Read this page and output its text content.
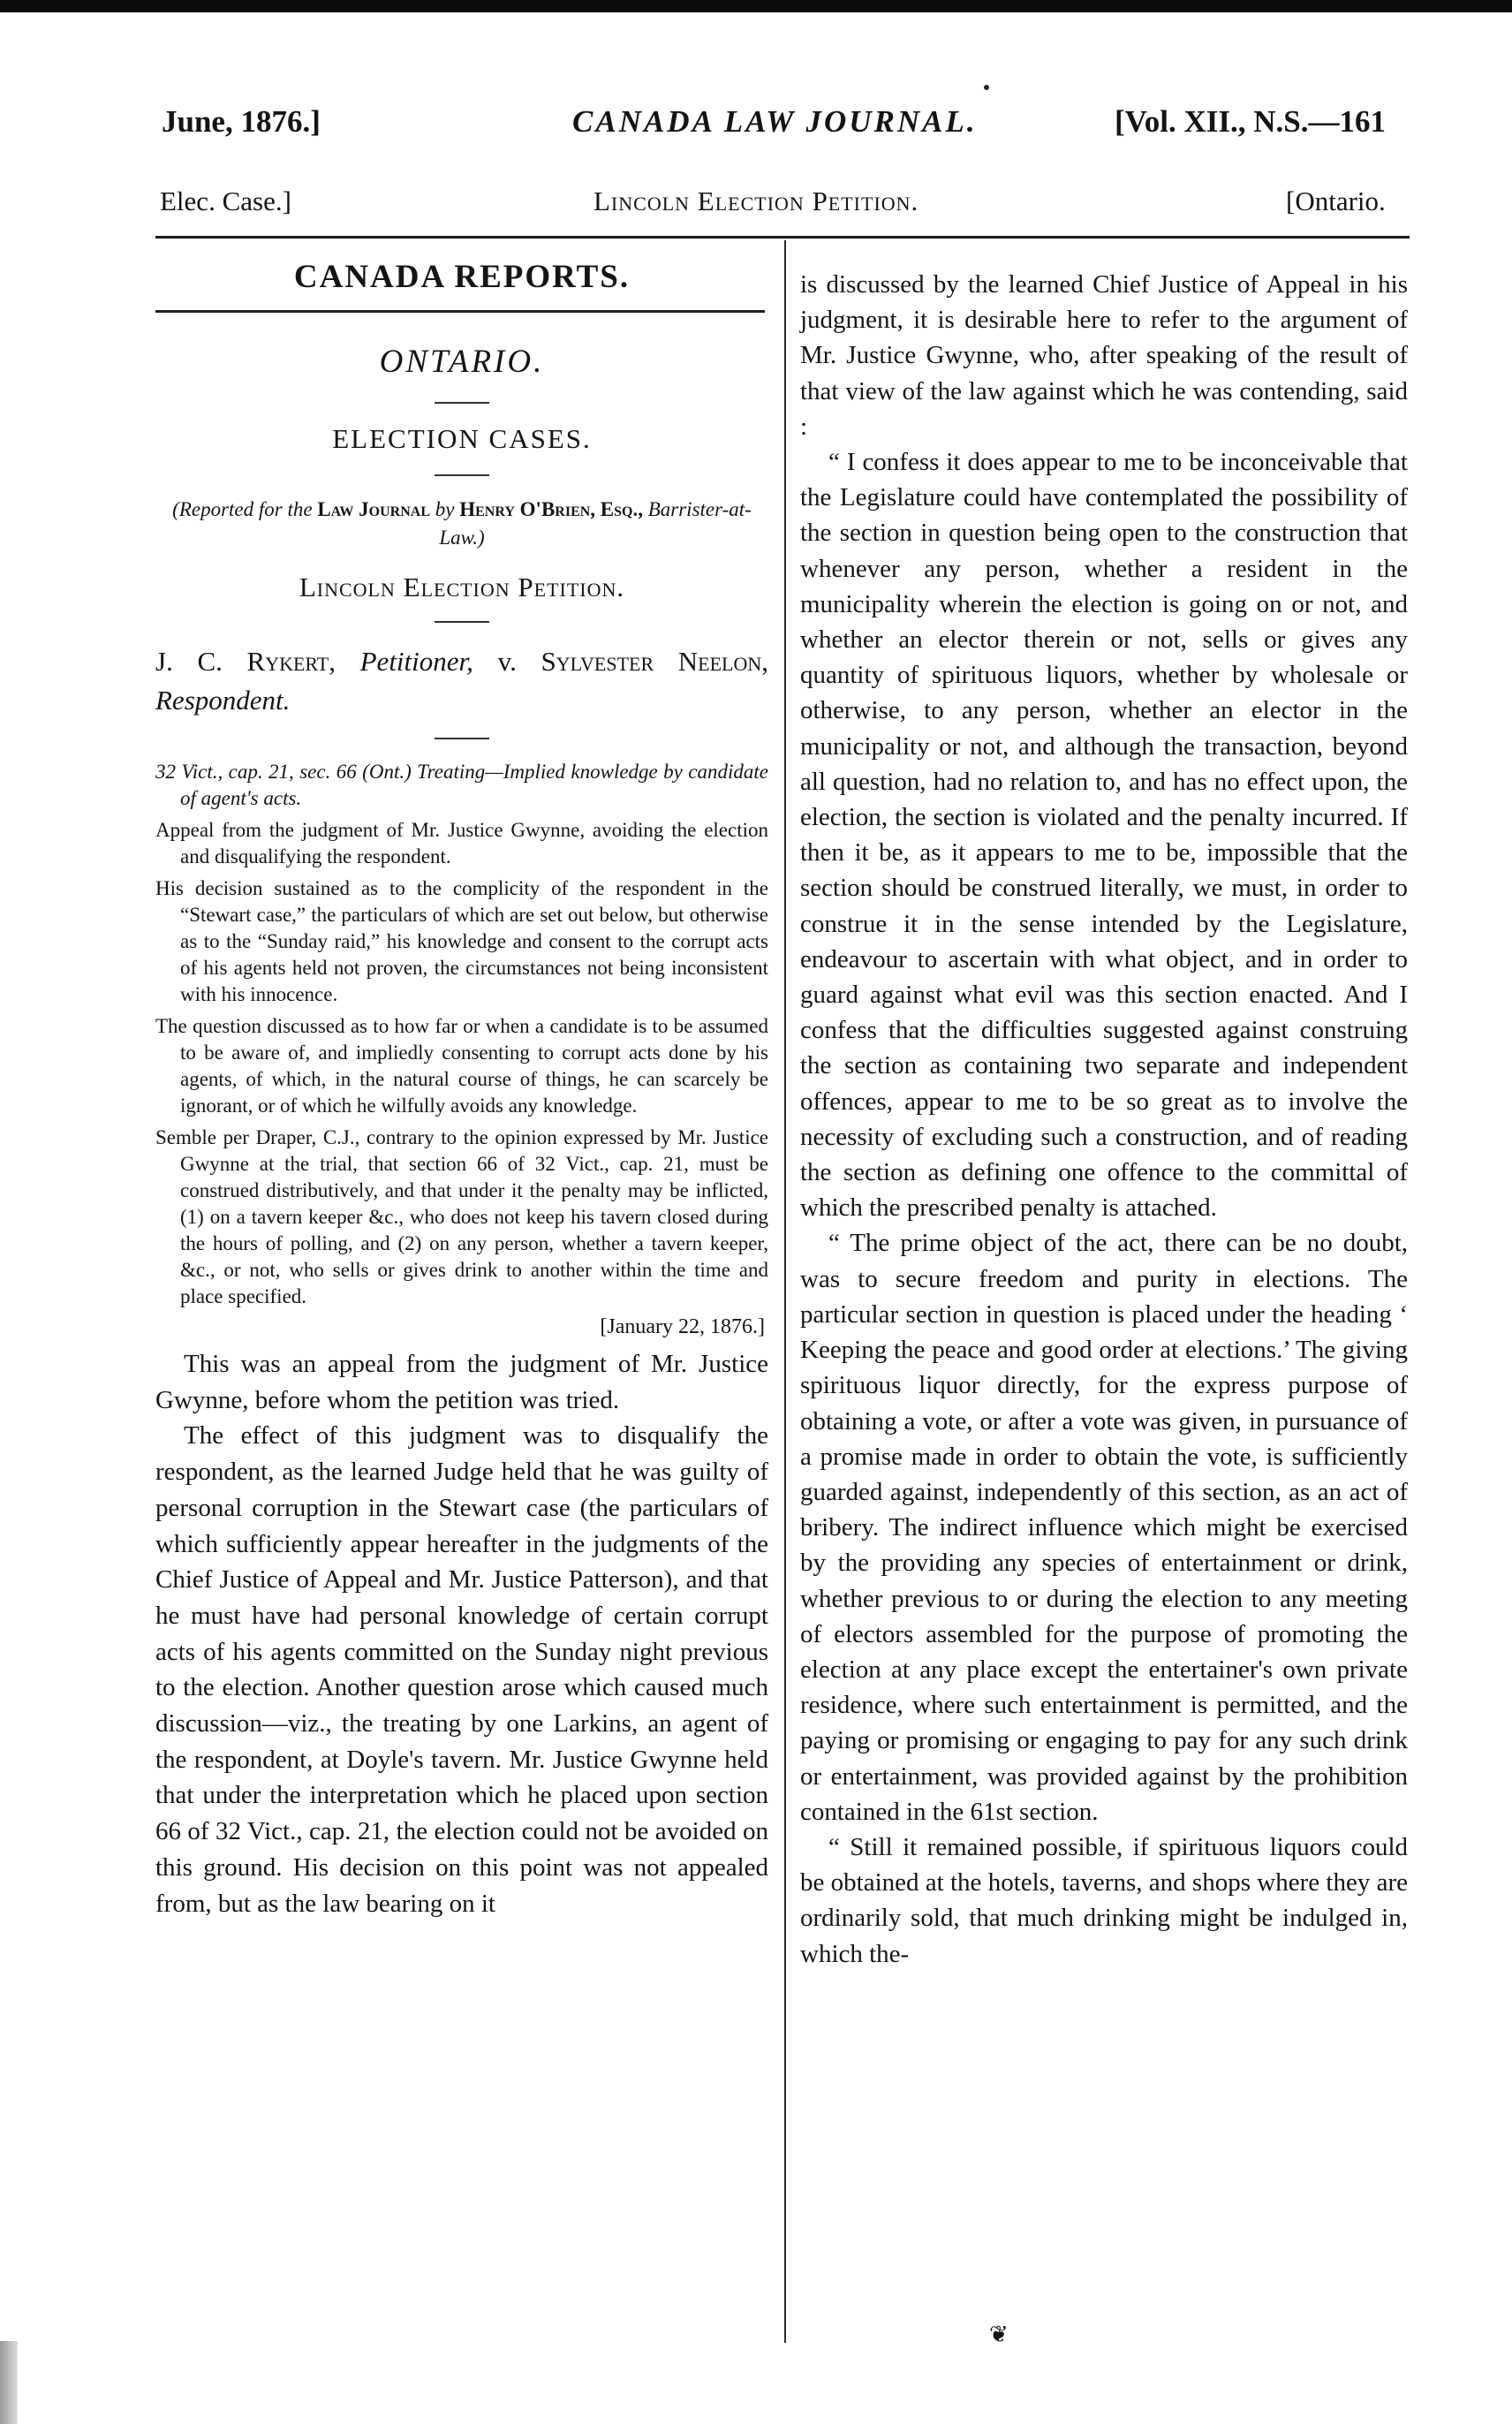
June, 1876.]	CANADA LAW JOURNAL.	[Vol. XII., N.S.—161
Elec. Case.]	Lincoln Election Petition.	[Ontario.
CANADA REPORTS.
ONTARIO.
ELECTION CASES.
(Reported for the Law Journal by Henry O'Brien, Esq., Barrister-at-Law.)
Lincoln Election Petition.
J. C. Rykert, Petitioner, v. Sylvester Neelon, Respondent.
32 Vict., cap. 21, sec. 66 (Ont.) Treating—Implied knowledge by candidate of agent's acts.
Appeal from the judgment of Mr. Justice Gwynne, avoiding the election and disqualifying the respondent.
His decision sustained as to the complicity of the respondent in the “Stewart case,” the particulars of which are set out below, but otherwise as to the “Sunday raid,” his knowledge and consent to the corrupt acts of his agents held not proven, the circumstances not being inconsistent with his innocence.
The question discussed as to how far or when a candidate is to be assumed to be aware of, and impliedly consenting to corrupt acts done by his agents, of which, in the natural course of things, he can scarcely be ignorant, or of which he wilfully avoids any knowledge.
Semble per Draper, C.J., contrary to the opinion expressed by Mr. Justice Gwynne at the trial, that section 66 of 32 Vict., cap. 21, must be construed distributively, and that under it the penalty may be inflicted, (1) on a tavern keeper &c., who does not keep his tavern closed during the hours of polling, and (2) on any person, whether a tavern keeper, &c., or not, who sells or gives drink to another within the time and place specified.
[January 22, 1876.]

This was an appeal from the judgment of Mr. Justice Gwynne, before whom the petition was tried.

The effect of this judgment was to disqualify the respondent, as the learned Judge held that he was guilty of personal corruption in the Stewart case (the particulars of which sufficiently appear hereafter in the judgments of the Chief Justice of Appeal and Mr. Justice Patterson), and that he must have had personal knowledge of certain corrupt acts of his agents committed on the Sunday night previous to the election. Another question arose which caused much discussion—viz., the treating by one Larkins, an agent of the respondent, at Doyle's tavern. Mr. Justice Gwynne held that under the interpretation which he placed upon section 66 of 32 Vict., cap. 21, the election could not be avoided on this ground. His decision on this point was not appealed from, but as the law bearing on it

is discussed by the learned Chief Justice of Appeal in his judgment, it is desirable here to refer to the argument of Mr. Justice Gwynne, who, after speaking of the result of that view of the law against which he was contending, said :

“ I confess it does appear to me to be inconceivable that the Legislature could have contemplated the possibility of the section in question being open to the construction that whenever any person, whether a resident in the municipality wherein the election is going on or not, and whether an elector therein or not, sells or gives any quantity of spirituous liquors, whether by wholesale or otherwise, to any person, whether an elector in the municipality or not, and although the transaction, beyond all question, had no relation to, and has no effect upon, the election, the section is violated and the penalty incurred. If then it be, as it appears to me to be, impossible that the section should be construed literally, we must, in order to construe it in the sense intended by the Legislature, endeavour to ascertain with what object, and in order to guard against what evil was this section enacted. And I confess that the difficulties suggested against construing the section as containing two separate and independent offences, appear to me to be so great as to involve the necessity of excluding such a construction, and of reading the section as defining one offence to the committal of which the prescribed penalty is attached.

“ The prime object of the act, there can be no doubt, was to secure freedom and purity in elections. The particular section in question is placed under the heading ‘ Keeping the peace and good order at elections.’ The giving spirituous liquor directly, for the express purpose of obtaining a vote, or after a vote was given, in pursuance of a promise made in order to obtain the vote, is sufficiently guarded against, independently of this section, as an act of bribery. The indirect influence which might be exercised by the providing any species of entertainment or drink, whether previous to or during the election to any meeting of electors assembled for the purpose of promoting the election at any place except the entertainer's own private residence, where such entertainment is permitted, and the paying or promising or engaging to pay for any such drink or entertainment, was provided against by the prohibition contained in the 61st section.

“ Still it remained possible, if spirituous liquors could be obtained at the hotels, taverns, and shops where they are ordinarily sold, that much drinking might be indulged in, which the-

❦
